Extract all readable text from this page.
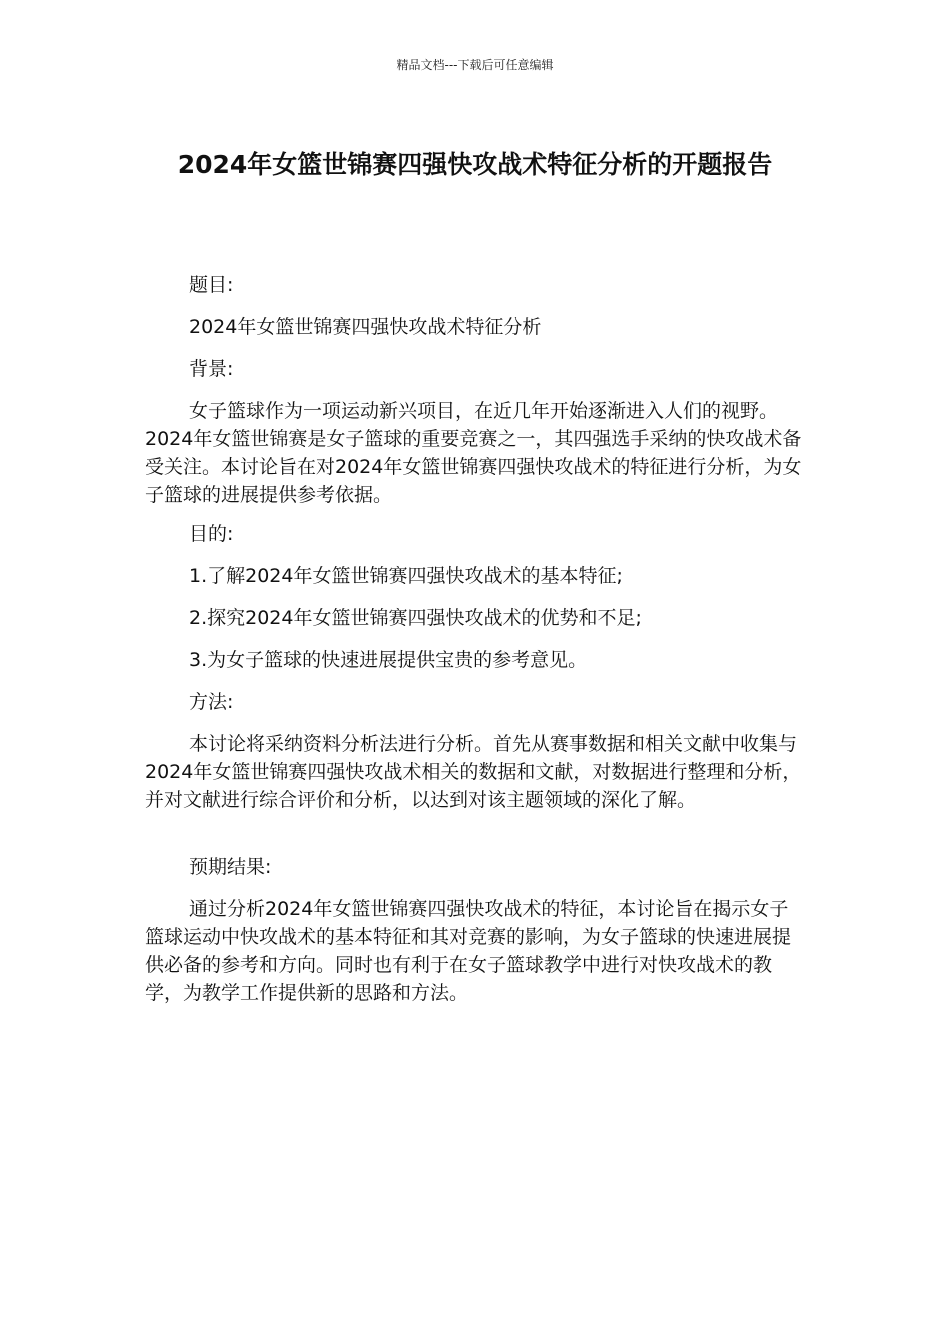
精品文档---下载后可任意编辑
2024年女篮世锦赛四强快攻战术特征分析的开题报告
题目:
2024年女篮世锦赛四强快攻战术特征分析
背景:

女子篮球作为一项运动新兴项目，在近几年开始逐渐进入人们的视野。2024年女篮世锦赛是女子篮球的重要竞赛之一，其四强选手采纳的快攻战术备受关注。本讨论旨在对2024年女篮世锦赛四强快攻战术的特征进行分析，为女子篮球的进展提供参考依据。

目的:
1.了解2024年女篮世锦赛四强快攻战术的基本特征;
2.探究2024年女篮世锦赛四强快攻战术的优势和不足;
3.为女子篮球的快速进展提供宝贵的参考意见。
方法:

本讨论将采纳资料分析法进行分析。首先从赛事数据和相关文献中收集与2024年女篮世锦赛四强快攻战术相关的数据和文献，对数据进行整理和分析，并对文献进行综合评价和分析，以达到对该主题领域的深化了解。

预期结果:

通过分析2024年女篮世锦赛四强快攻战术的特征，本讨论旨在揭示女子篮球运动中快攻战术的基本特征和其对竞赛的影响，为女子篮球的快速进展提供必备的参考和方向。同时也有利于在女子篮球教学中进行对快攻战术的教学，为教学工作提供新的思路和方法。
